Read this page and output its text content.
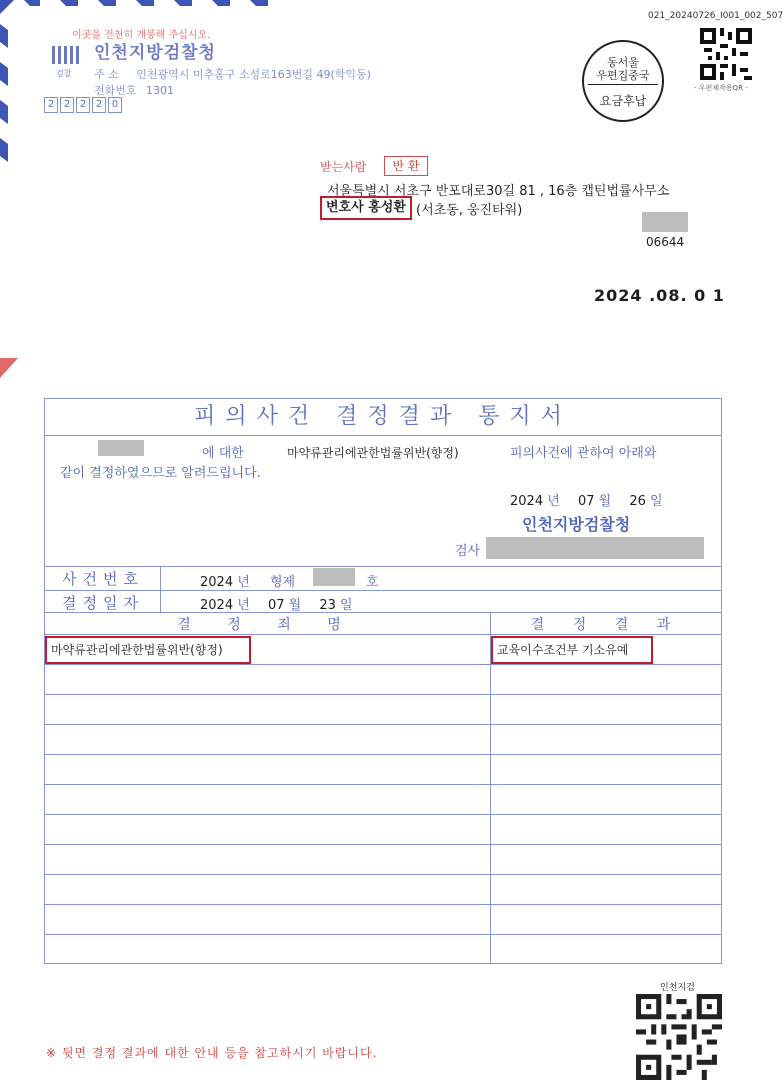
이곳을 전천히 개봉해 주십시오.
검찰
인천지방검찰청
주 소 인천광역시 미추홀구 소성로163번길 49(학익동)
전화번호 1301
2 2 2 2 0
021_20240726_I001_002_507
동서울
우편집중국
요금후납
- 우편체작용QR -
받는사람	반 환
서울특별시 서초구 반포대로30길 81 , 16층 캡틴법률사무소
변호사 홍성환 (서초동, 웅진타워)
06644
2024 .08. 0 1
피의사건 결정결과 통지서
에 대한	마약류관리에관한법률위반(향정)	피의사건에 관하여 아래와
같이 결정하였으므로 알려드립니다.
2024 년 07 월 26 일
인천지방검찰청
검사
사건번호	2024 년 형제	호
결정일자	2024 년 07 월 23 일
결 정 죄 명	결 정 결 과
마약류관리에관한법률위반(향정)	교육이수조건부 기소유예
인천지검
※ 뒷면 결정 결과에 대한 안내 등을 참고하시기 바랍니다.
